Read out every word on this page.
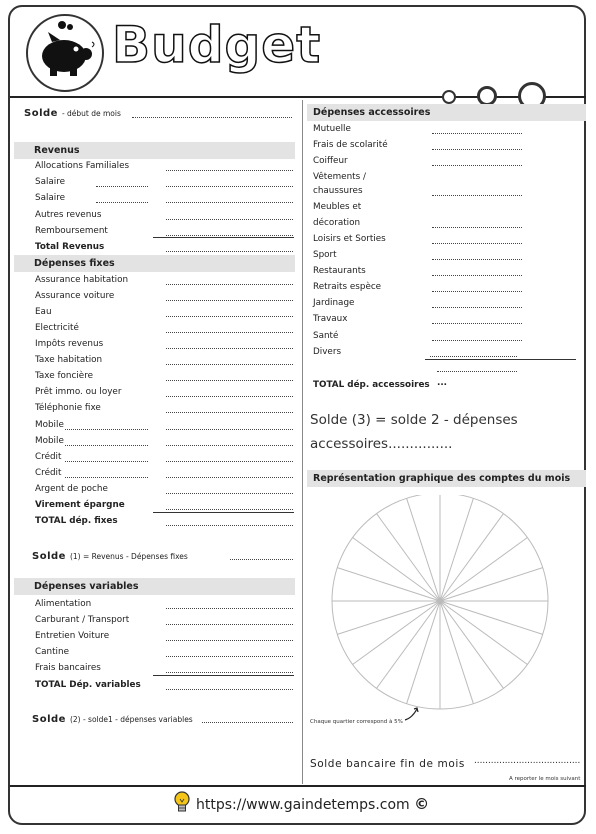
Budget
Solde - début de mois
Revenus
Dépenses fixes
Solde (1) = Revenus - Dépenses fixes
Dépenses variables
Solde (2) - solde1 - dépenses variables
Dépenses accessoires
TOTAL dép. accessoires ...
Solde (3) = solde 2 - dépenses
accessoires...............
Représentation graphique des comptes du mois
Chaque quartier correspond à 5%
Solde bancaire fin de mois ......................................
A reporter le mois suivant
https://www.gaindetemps.com ©
Allocations Familiales
Salaire
Salaire
Autres revenus
Remboursement
Total Revenus
Assurance habitation
Assurance voiture
Eau
Electricité
Impôts revenus
Taxe habitation
Taxe foncière
Prêt immo. ou loyer
Téléphonie fixe
Mobile
Mobile
Crédit
Crédit
Argent de poche
Virement épargne
TOTAL dép. fixes
Alimentation
Carburant / Transport
Entretien Voiture
Cantine
Frais bancaires
TOTAL Dép. variables
Mutuelle
Frais de scolarité
Coiffeur
Vêtements /
chaussures
Meubles et
décoration
Loisirs et Sorties
Sport
Restaurants
Retraits espèce
Jardinage
Travaux
Santé
Divers
